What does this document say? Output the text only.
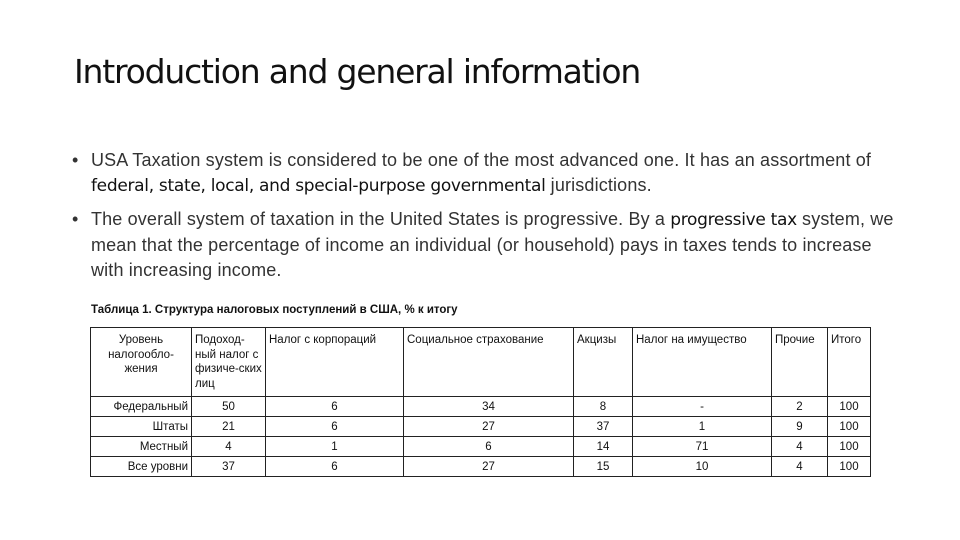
Introduction and general information
• USA Taxation system is considered to be one of the most advanced one. It has an assortment of federal, state, local, and special-purpose governmental jurisdictions.
• The overall system of taxation in the United States is progressive. By a progressive tax system, we mean that the percentage of income an individual (or household) pays in taxes tends to increase with increasing income.
Таблица 1. Структура налоговых поступлений в США, % к итогу
Уровень налогообло-жения	Подоход-ный налог с физиче-ских лиц	Налог с корпораций	Социальное страхование	Акцизы	Налог на имущество	Прочие	Итого
Федеральный	50	6	34	8	-	2	100
Штаты	21	6	27	37	1	9	100
Местный	4	1	6	14	71	4	100
Все уровни	37	6	27	15	10	4	100
